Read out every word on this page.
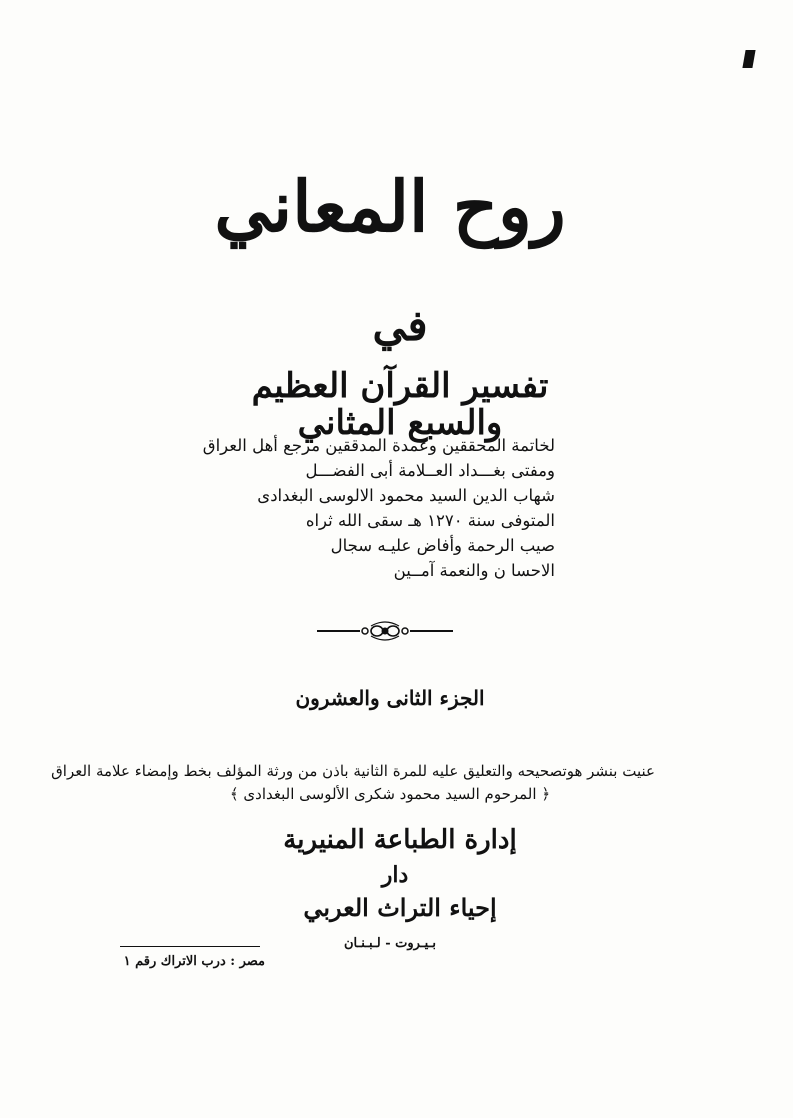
روح المعاني
في
تفسير القرآن العظيم والسبع المثاني
لخاتمة المحققين وعمدة المدققين مرجع أهل العراق
ومفتى بغـــداد العــلامة أبى الفضـــل
شهاب الدين السيد محمود الالوسى البغدادى
المتوفى سنة ١٢٧٠ هـ سقى الله ثراه
صيب الرحمة وأفاض عليـه سجال
الاحسا ن والنعمة آمــين
الجزء الثانى والعشرون
عنيت بنشر هوتصحيحه والتعليق عليه للمرة الثانية باذن من ورثة المؤلف بخط وإمضاء علامة العراق
﴿ المرحوم السيد محمود شكرى الألوسى البغدادى ﴾
إدارة الطباعة المنيرية
دار
إحياء التراث العربي
بـيـروت - لـبـنـان
مصر : درب الاتراك رقم ١
